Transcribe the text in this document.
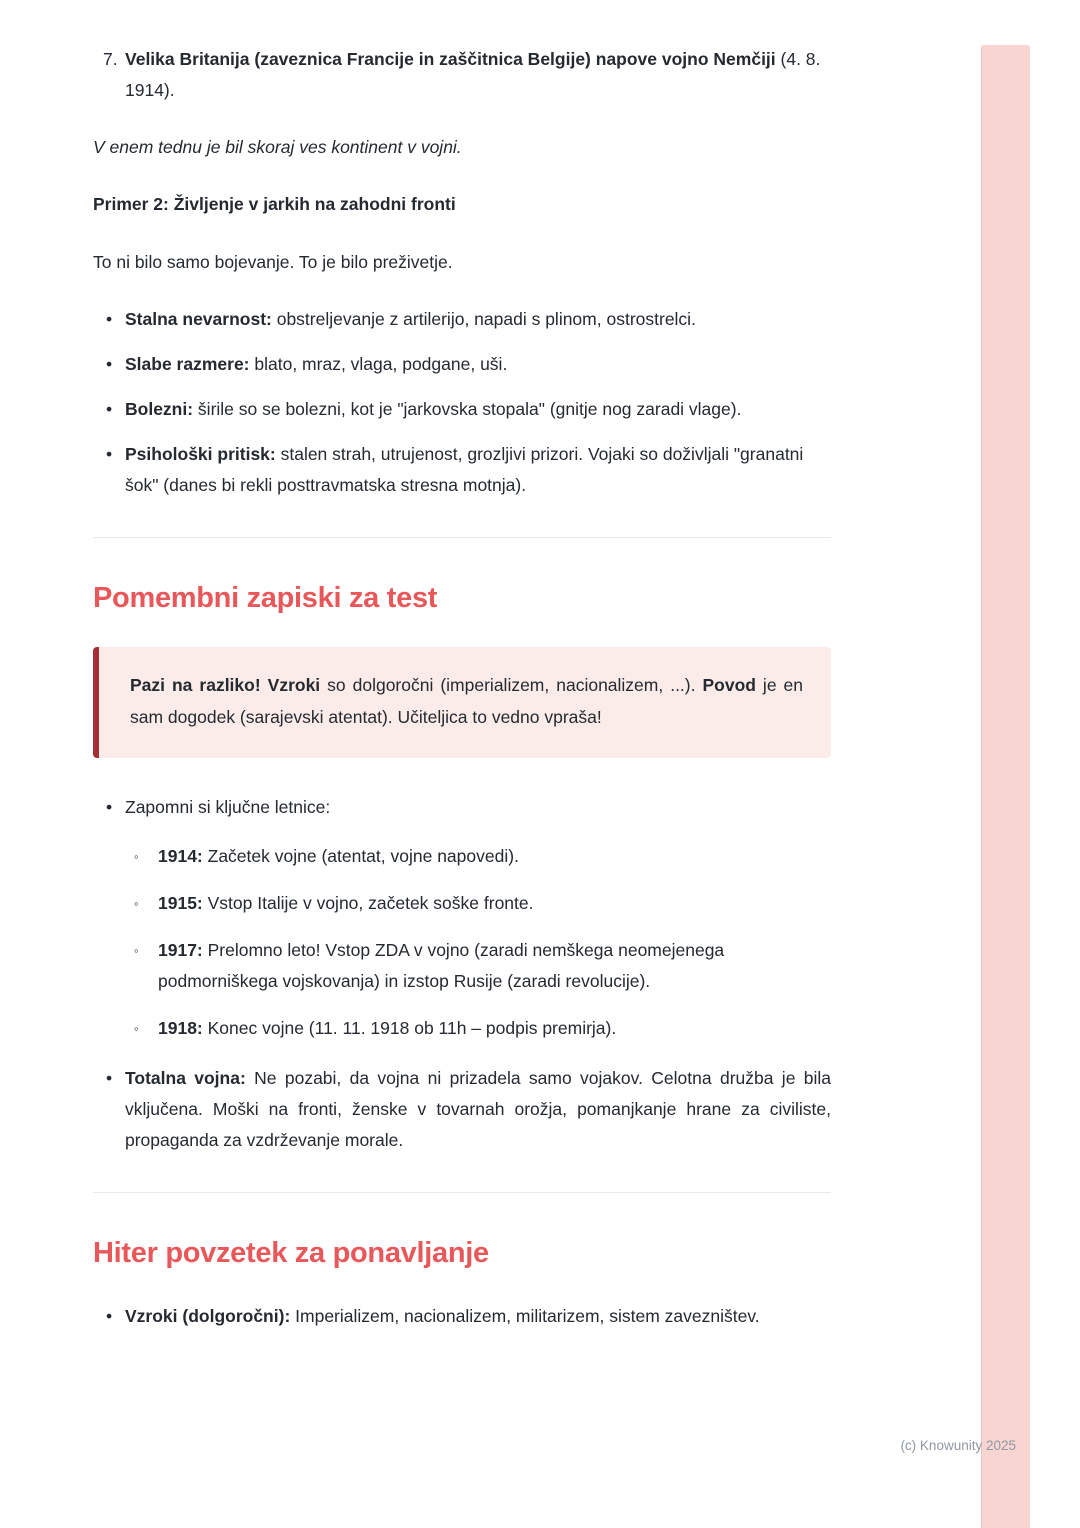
7. Velika Britanija (zaveznica Francije in zaščitnica Belgije) napove vojno Nemčiji (4. 8. 1914).

V enem tednu je bil skoraj ves kontinent v vojni.

Primer 2: Življenje v jarkih na zahodni fronti

To ni bilo samo bojevanje. To je bilo preživetje.

• Stalna nevarnost: obstreljevanje z artilerijo, napadi s plinom, ostrostrelci.

• Slabe razmere: blato, mraz, vlaga, podgane, uši.

• Bolezni: širile so se bolezni, kot je "jarkovska stopala" (gnitje nog zaradi vlage).

• Psihološki pritisk: stalen strah, utrujenost, grozljivi prizori. Vojaki so doživljali "granatni šok" (danes bi rekli posttravmatska stresna motnja).

Pomembni zapiski za test

Pazi na razliko! Vzroki so dolgoročni (imperializem, nacionalizem, ...). Povod je en sam dogodek (sarajevski atentat). Učiteljica to vedno vpraša!

• Zapomni si ključne letnice:

◦	1914: Začetek vojne (atentat, vojne napovedi).

◦	1915: Vstop Italije v vojno, začetek soške fronte.

◦	1917: Prelomno leto! Vstop ZDA v vojno (zaradi nemškega neomejenega podmorniškega vojskovanja) in izstop Rusije (zaradi revolucije).

◦	1918: Konec vojne (11. 11. 1918 ob 11h – podpis premirja).

• Totalna vojna: Ne pozabi, da vojna ni prizadela samo vojakov. Celotna družba je bila vključena. Moški na fronti, ženske v tovarnah orožja, pomanjkanje hrane za civiliste, propaganda za vzdrževanje morale.

Hiter povzetek za ponavljanje
• Vzroki (dolgoročni): Imperializem, nacionalizem, militarizem, sistem zavezništev.

(c) Knowunity 2025
